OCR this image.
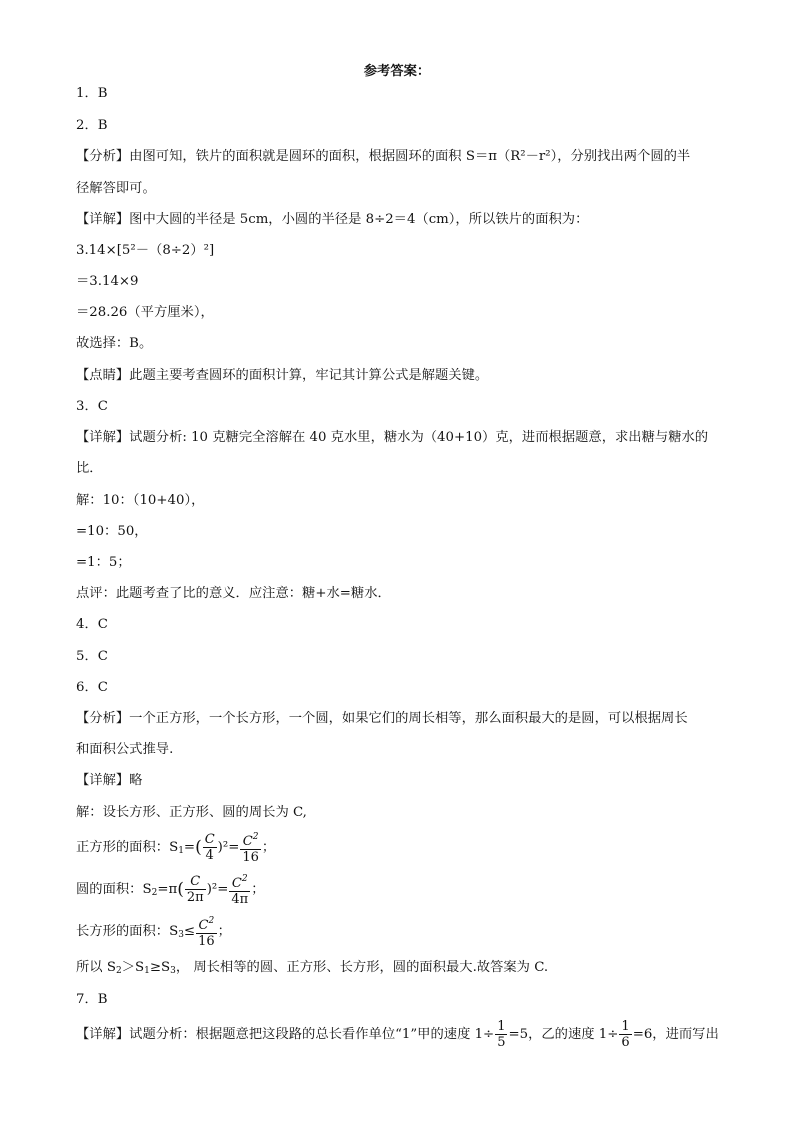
参考答案：
1．B
2．B
【分析】由图可知，铁片的面积就是圆环的面积，根据圆环的面积 S＝π（R²－r²），分别找出两个圆的半
径解答即可。
【详解】图中大圆的半径是 5cm，小圆的半径是 8÷2＝4（cm），所以铁片的面积为：
3.14×[5²－（8÷2）²]
＝3.14×9
＝28.26（平方厘米），
故选择：B。
【点睛】此题主要考查圆环的面积计算，牢记其计算公式是解题关键。
3．C
【详解】试题分析: 10 克糖完全溶解在 40 克水里，糖水为（40+10）克，进而根据题意，求出糖与糖水的
比．
解：10：（10+40），
=10：50，
=1：5；
点评：此题考查了比的意义．应注意：糖+水=糖水．
4．C
5．C
6．C
【分析】一个正方形，一个长方形，一个圆，如果它们的周长相等，那么面积最大的是圆，可以根据周长
和面积公式推导.
【详解】略
解：设长方形、正方形、圆的周长为 C,
正方形的面积：$S_1=( \frac{C}{4} )^2= \frac{C^2}{16}$ ；
圆的面积：$S_2=\pi( \frac{C}{2\pi} )^2= \frac{C^2}{4\pi}$ ；
长方形的面积：$S_3\le \frac{C^2}{16}$ ；
所以 $S_2>S_1\ge S_3$， 周长相等的圆、正方形、长方形，圆的面积最大.故答案为 C.
7．B
【详解】试题分析：根据题意把这段路的总长看作单位“1”甲的速度 $1\div \frac{1}{5} =5$，乙的速度 $1\div \frac{1}{6} =6$，进而写出
